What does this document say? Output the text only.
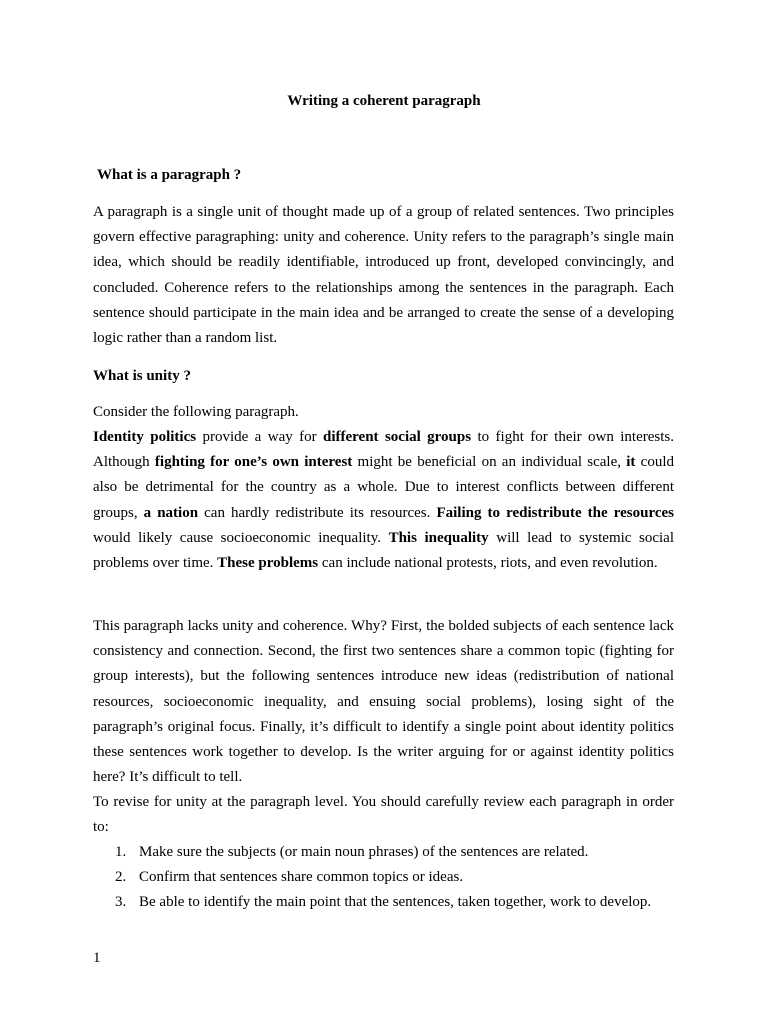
Writing a coherent paragraph
What is a paragraph ?

A paragraph is a single unit of thought made up of a group of related sentences. Two principles govern effective paragraphing: unity and coherence. Unity refers to the paragraph’s single main idea, which should be readily identifiable, introduced up front, developed convincingly, and concluded. Coherence refers to the relationships among the sentences in the paragraph. Each sentence should participate in the main idea and be arranged to create the sense of a developing logic rather than a random list.

What is unity ?

Consider the following paragraph.

Identity politics provide a way for different social groups to fight for their own interests. Although fighting for one’s own interest might be beneficial on an individual scale, it could also be detrimental for the country as a whole. Due to interest conflicts between different groups, a nation can hardly redistribute its resources. Failing to redistribute the resources would likely cause socioeconomic inequality. This inequality will lead to systemic social problems over time. These problems can include national protests, riots, and even revolution.

This paragraph lacks unity and coherence. Why? First, the bolded subjects of each sentence lack consistency and connection. Second, the first two sentences share a common topic (fighting for group interests), but the following sentences introduce new ideas (redistribution of national resources, socioeconomic inequality, and ensuing social problems), losing sight of the paragraph’s original focus. Finally, it’s difficult to identify a single point about identity politics these sentences work together to develop. Is the writer arguing for or against identity politics here? It’s difficult to tell.

To revise for unity at the paragraph level. You should carefully review each paragraph in order to:

1. Make sure the subjects (or main noun phrases) of the sentences are related.
2. Confirm that sentences share common topics or ideas.
3. Be able to identify the main point that the sentences, taken together, work to develop.
1
